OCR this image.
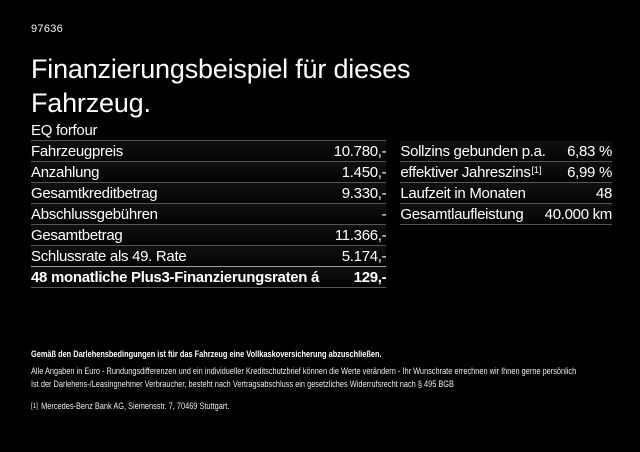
97636
Finanzierungsbeispiel für dieses
Fahrzeug.
EQ forfour
Fahrzeugpreis	10.780,-
Anzahlung	1.450,-
Gesamtkreditbetrag	9.330,-
Abschlussgebühren	-
Gesamtbetrag	11.366,-
Schlussrate als 49. Rate	5.174,-
48 monatliche Plus3-Finanzierungsraten á 129,-
Sollzins gebunden p.a. 6,83 %
effektiver Jahreszins[1] 6,99 %
Laufzeit in Monaten	48
Gesamtlaufleistung 40.000 km
Gemäß den Darlehensbedingungen ist für das Fahrzeug eine Vollkaskoversicherung abzuschließen.
Alle Angaben in Euro - Rundungsdifferenzen und ein individueller Kreditschutzbrief können die Werte verändern - Ihr Wunschrate errechnen wir Ihnen gerne persönlich
Ist der Darlehens-/Leasingnehmer Verbraucher, besteht nach Vertragsabschluss ein gesetzliches Widerrufsrecht nach § 495 BGB
[1] Mercedes-Benz Bank AG, Siemensstr. 7, 70469 Stuttgart.
